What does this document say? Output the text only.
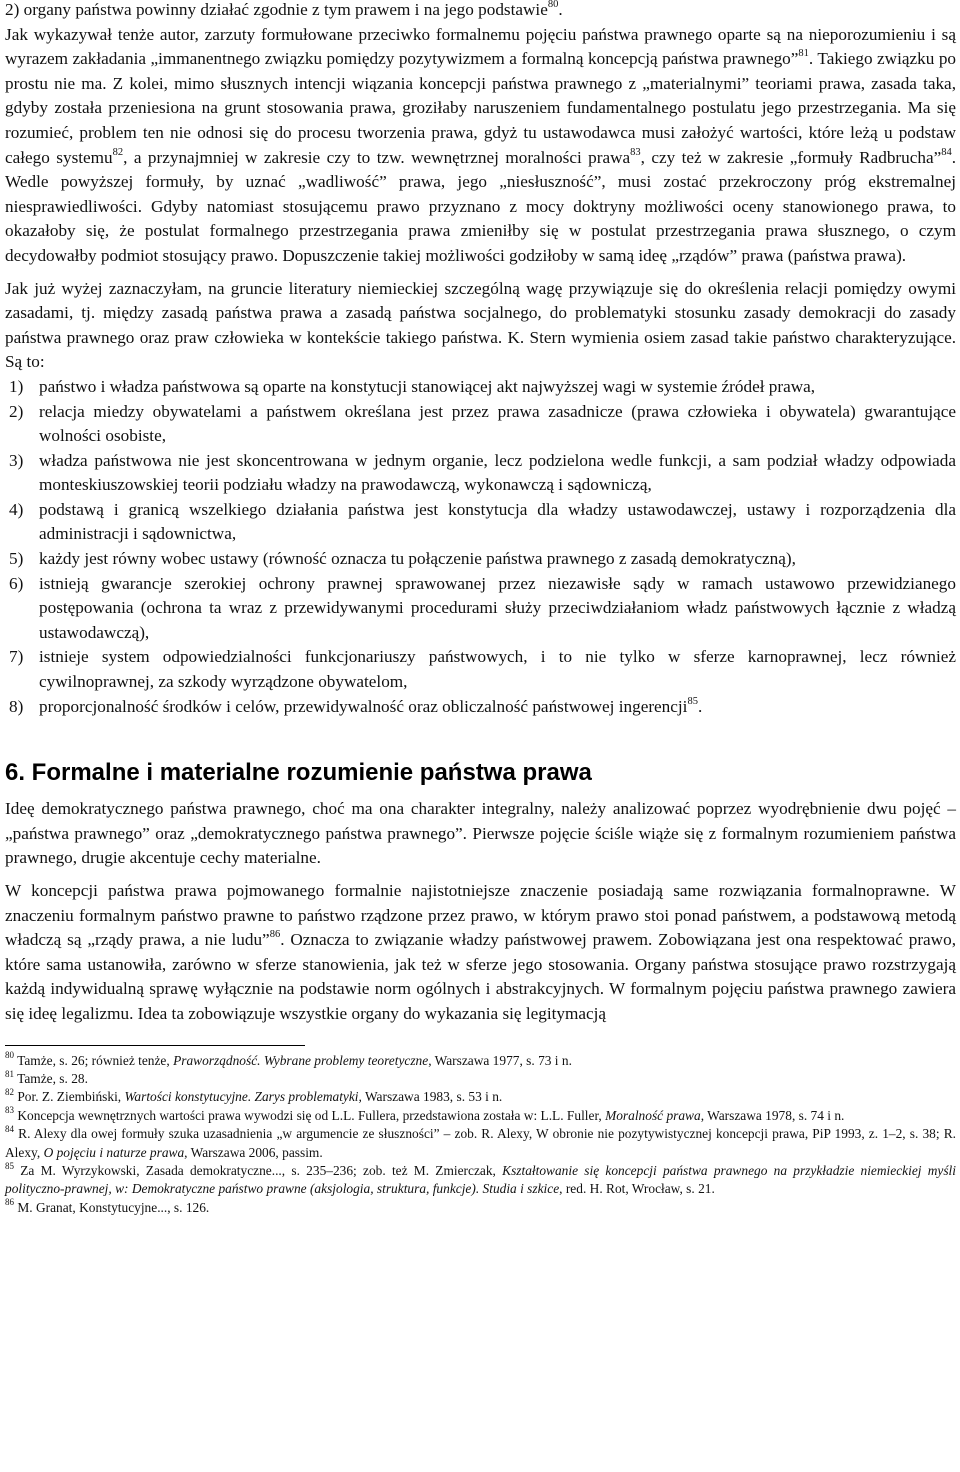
2) organy państwa powinny działać zgodnie z tym prawem i na jego podstawie$^{80}$.

Jak wykazywał tenże autor, zarzuty formułowane przeciwko formalnemu pojęciu państwa prawnego oparte są na nieporozumieniu i są wyrazem zakładania „immanentnego związku pomiędzy pozytywizmem a formalną koncepcją państwa prawnego”$^{81}$. Takiego związku po prostu nie ma. Z kolei, mimo słusznych intencji wiązania koncepcji państwa prawnego z „materialnymi” teoriami prawa, zasada taka, gdyby została przeniesiona na grunt stosowania prawa, groziłaby naruszeniem fundamentalnego postulatu jego przestrzegania. Ma się rozumieć, problem ten nie odnosi się do procesu tworzenia prawa, gdyż tu ustawodawca musi założyć wartości, które leżą u podstaw całego systemu$^{82}$, a przynajmniej w zakresie czy to tzw. wewnętrznej moralności prawa$^{83}$, czy też w zakresie „formuły Radbrucha”$^{84}$. Wedle powyższej formuły, by uznać „wadliwość” prawa, jego „niesłuszność”, musi zostać przekroczony próg ekstremalnej niesprawiedliwości. Gdyby natomiast stosującemu prawo przyznano z mocy doktryny możliwości oceny stanowionego prawa, to okazałoby się, że postulat formalnego przestrzegania prawa zmieniłby się w postulat przestrzegania prawa słusznego, o czym decydowałby podmiot stosujący prawo. Dopuszczenie takiej możliwości godziłoby w samą ideę „rządów” prawa (państwa prawa).

Jak już wyżej zaznaczyłam, na gruncie literatury niemieckiej szczególną wagę przywiązuje się do określenia relacji pomiędzy owymi zasadami, tj. między zasadą państwa prawa a zasadą państwa socjalnego, do problematyki stosunku zasady demokracji do zasady państwa prawnego oraz praw człowieka w kontekście takiego państwa. K. Stern wymienia osiem zasad takie państwo charakteryzujące. Są to:

1) państwo i władza państwowa są oparte na konstytucji stanowiącej akt najwyższej wagi w systemie źródeł prawa,
2) relacja miedzy obywatelami a państwem określana jest przez prawa zasadnicze (prawa człowieka i obywatela) gwarantujące wolności osobiste,
3) władza państwowa nie jest skoncentrowana w jednym organie, lecz podzielona wedle funkcji, a sam podział władzy odpowiada monteskiuszowskiej teorii podziału władzy na prawodawczą, wykonawczą i sądowniczą,
4) podstawą i granicą wszelkiego działania państwa jest konstytucja dla władzy ustawodawczej, ustawy i rozporządzenia dla administracji i sądownictwa,
5) każdy jest równy wobec ustawy (równość oznacza tu połączenie państwa prawnego z zasadą demokratyczną),
6) istnieją gwarancje szerokiej ochrony prawnej sprawowanej przez niezawisłe sądy w ramach ustawowo przewidzianego postępowania (ochrona ta wraz z przewidywanymi procedurami służy przeciwdziałaniom władz państwowych łącznie z władzą ustawodawczą),
7) istnieje system odpowiedzialności funkcjonariuszy państwowych, i to nie tylko w sferze karnoprawnej, lecz również cywilnoprawnej, za szkody wyrządzone obywatelom,
8) proporcjonalność środków i celów, przewidywalność oraz obliczalność państwowej ingerencji$^{85}$.
6. Formalne i materialne rozumienie państwa prawa

Ideę demokratycznego państwa prawnego, choć ma ona charakter integralny, należy analizować poprzez wyodrębnienie dwu pojęć – „państwa prawnego” oraz „demokratycznego państwa prawnego”. Pierwsze pojęcie ściśle wiąże się z formalnym rozumieniem państwa prawnego, drugie akcentuje cechy materialne.

W koncepcji państwa prawa pojmowanego formalnie najistotniejsze znaczenie posiadają same rozwiązania formalnoprawne. W znaczeniu formalnym państwo prawne to państwo rządzone przez prawo, w którym prawo stoi ponad państwem, a podstawową metodą władczą są „rządy prawa, a nie ludu”$^{86}$. Oznacza to związanie władzy państwowej prawem. Zobowiązana jest ona respektować prawo, które sama ustanowiła, zarówno w sferze stanowienia, jak też w sferze jego stosowania. Organy państwa stosujące prawo rozstrzygają każdą indywidualną sprawę wyłącznie na podstawie norm ogólnych i abstrakcyjnych. W formalnym pojęciu państwa prawnego zawiera się ideę legalizmu. Idea ta zobowiązuje wszystkie organy do wykazania się legitymacją

$^{80}$ Tamże, s. 26; również tenże, Praworządność. Wybrane problemy teoretyczne, Warszawa 1977, s. 73 i n.

$^{81}$ Tamże, s. 28.

$^{82}$ Por. Z. Ziembiński, Wartości konstytucyjne. Zarys problematyki, Warszawa 1983, s. 53 i n.

$^{83}$ Koncepcja wewnętrznych wartości prawa wywodzi się od L.L. Fullera, przedstawiona została w: L.L. Fuller, Moralność prawa, Warszawa 1978, s. 74 i n.

$^{84}$ R. Alexy dla owej formuły szuka uzasadnienia „w argumencie ze słuszności” – zob. R. Alexy, W obronie nie pozytywistycznej koncepcji prawa, PiP 1993, z. 1–2, s. 38; R. Alexy, O pojęciu i naturze prawa, Warszawa 2006, passim.

$^{85}$ Za M. Wyrzykowski, Zasada demokratyczne..., s. 235–236; zob. też M. Zmierczak, Kształtowanie się koncepcji państwa prawnego na przykładzie niemieckiej myśli polityczno-prawnej, w: Demokratyczne państwo prawne (aksjologia, struktura, funkcje). Studia i szkice, red. H. Rot, Wrocław, s. 21.

$^{86}$ M. Granat, Konstytucyjne..., s. 126.
